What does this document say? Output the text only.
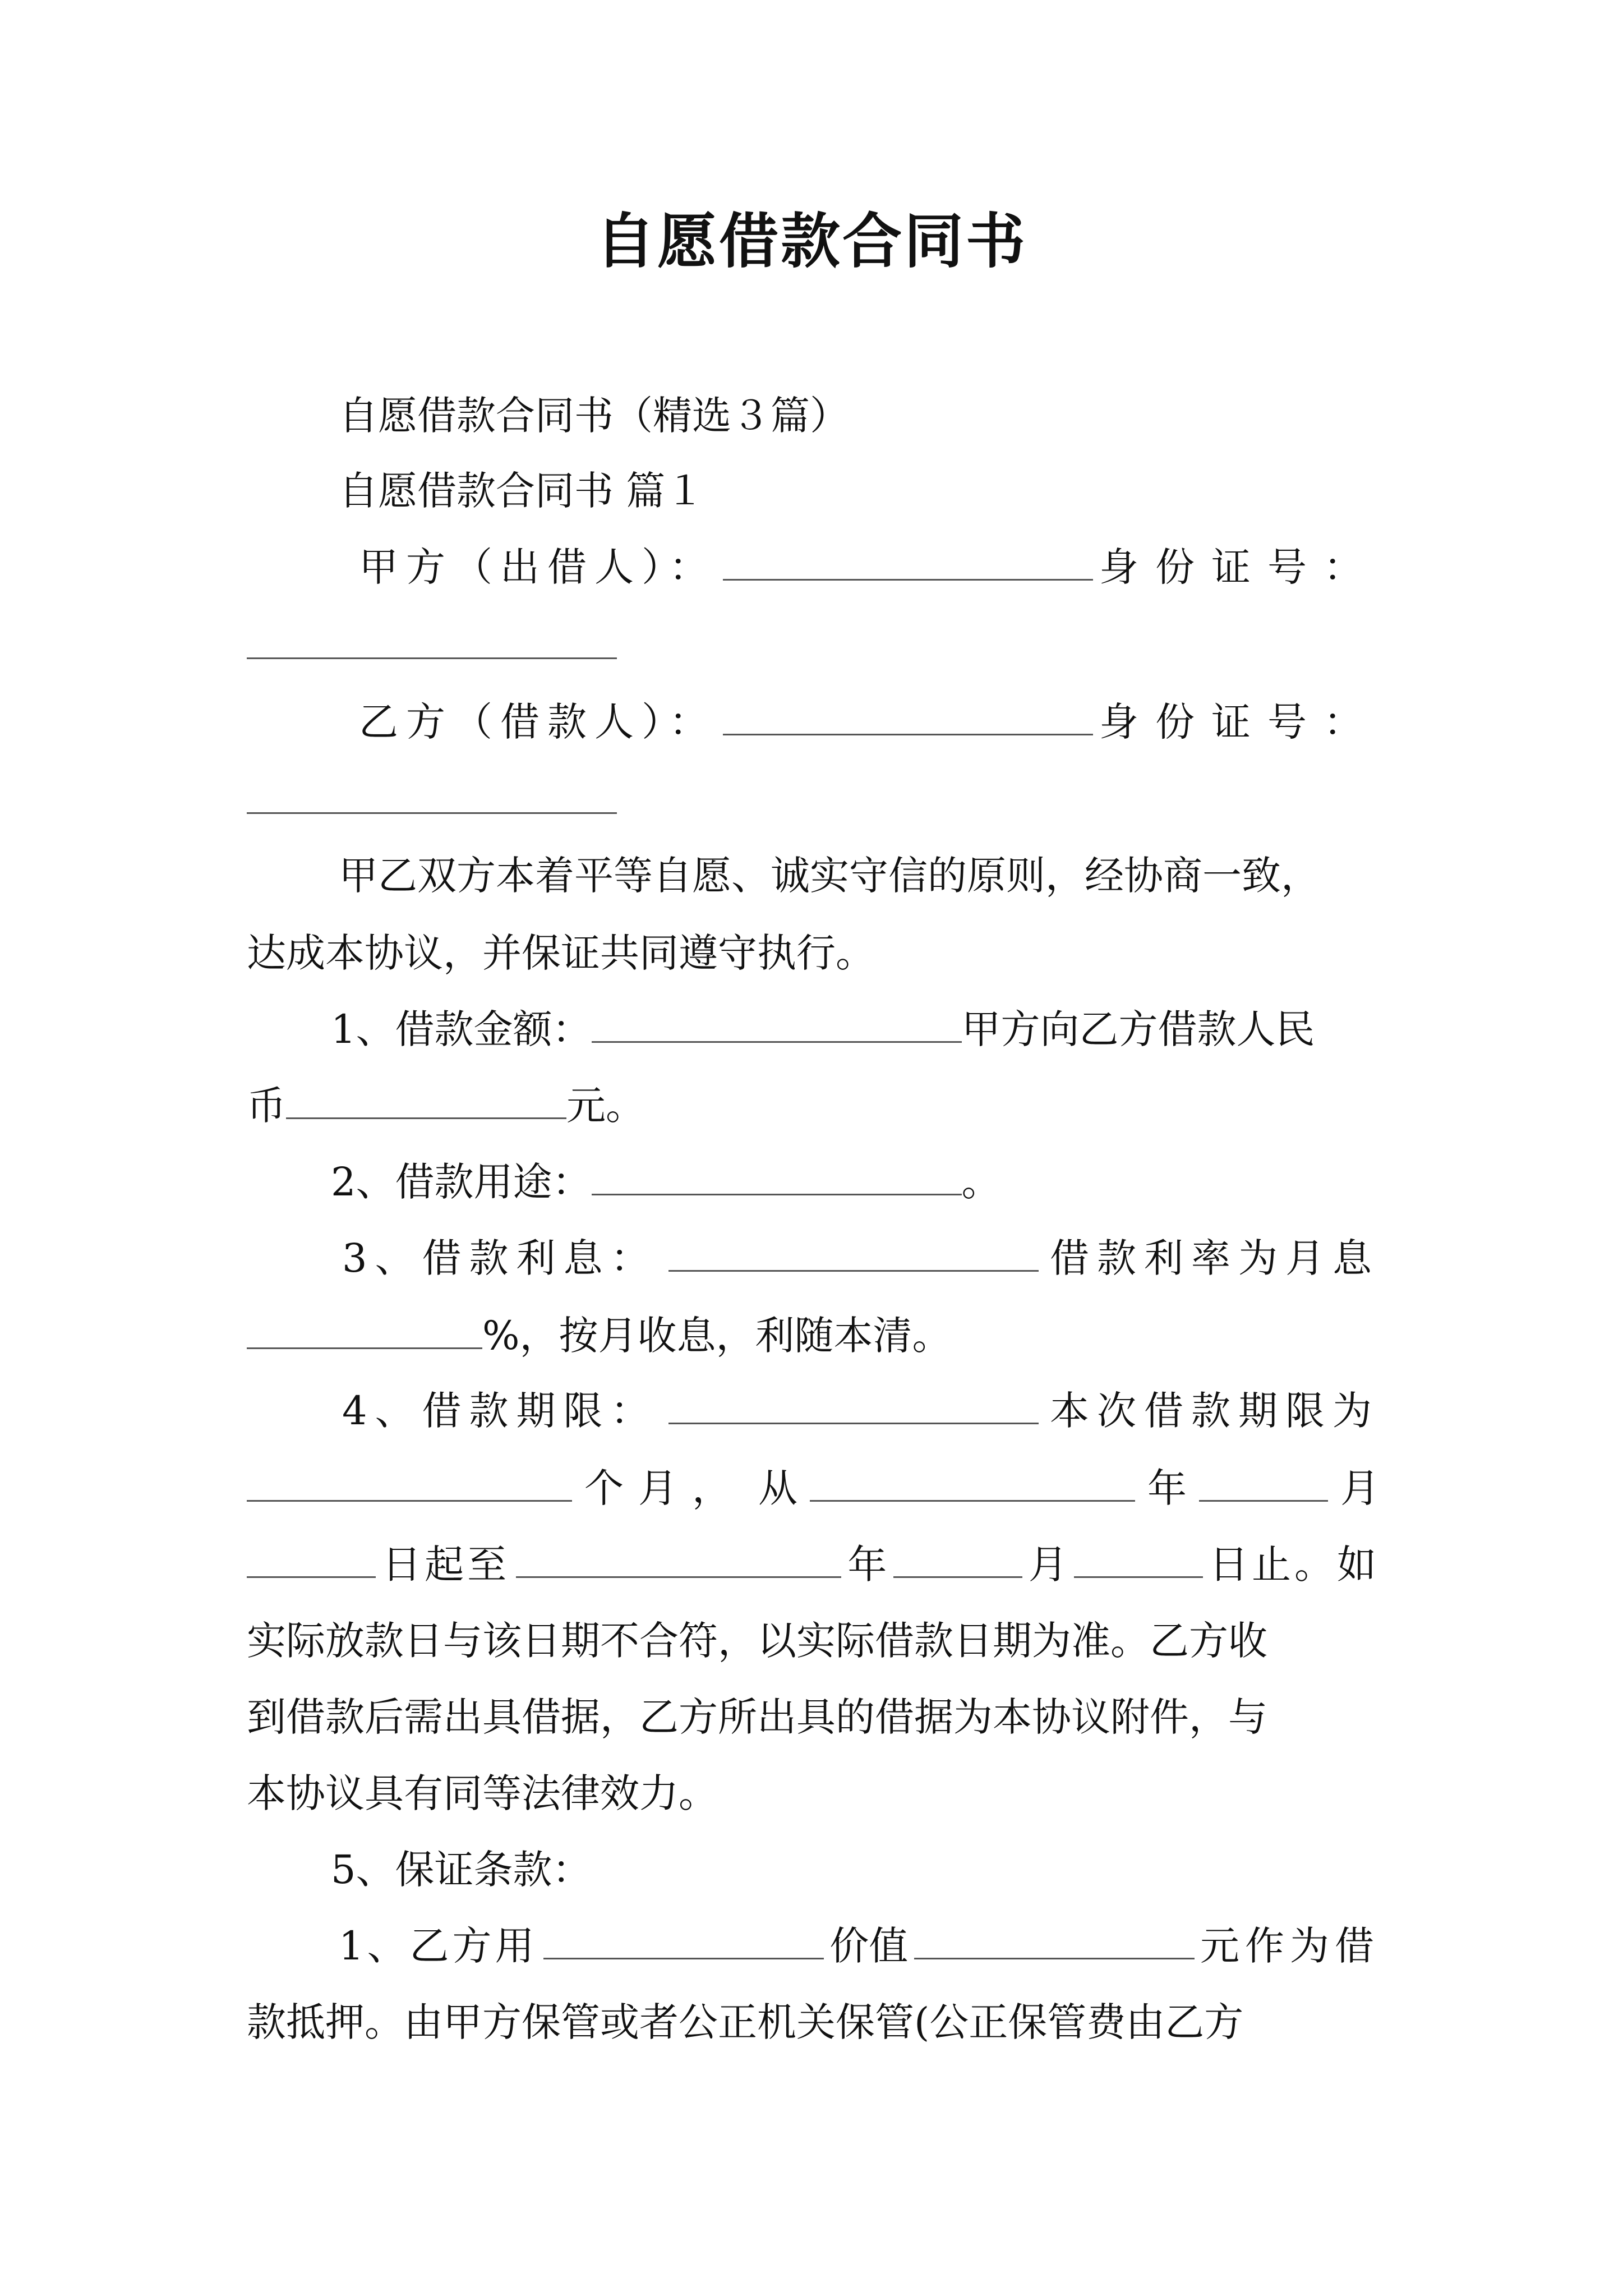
自愿借款合同书
自愿借款合同书（精选３篇）
自愿借款合同书 篇１
甲方（出借人）：	身份证号：
乙方（借款人）：	身份证号：
甲乙双方本着平等自愿、诚实守信的原则，经协商一致，
达成本协议，并保证共同遵守执行。
1、借款金额：	甲方向乙方借款人民
币	元。
2、借款用途：	。
3、借款利息：	借款利率为月息
%，按月收息，利随本清。
4、借款期限：	本次借款期限为
个月， 从	年	月
日起至	年	月	日止。如
实际放款日与该日期不合符，以实际借款日期为准。乙方收
到借款后需出具借据，乙方所出具的借据为本协议附件，与
本协议具有同等法律效力。
5、保证条款：
1、乙方用	价值	元作为借
款抵押。由甲方保管或者公正机关保管(公正保管费由乙方
